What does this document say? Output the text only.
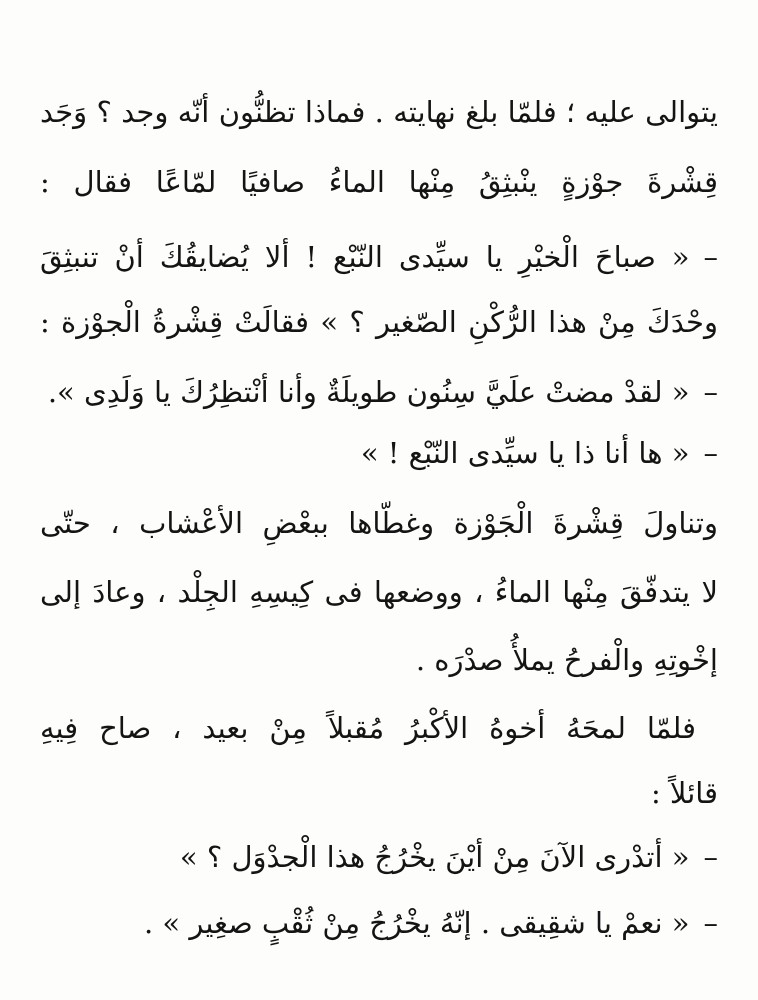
يتوالى عليه ؛ فلمّا بلغ نهايته . فماذا تظنُّون أنّه وجد ؟ وَجَد
قِشْرةَ جوْزةٍ ينْبثِقُ مِنْها الماءُ صافيًا لمّاعًا فقال :
–« صباحَ الْخيْرِ يا سيِّدى النّبْع ! ألا يُضايقُكَ أنْ تنبثِقَ
وحْدَكَ مِنْ هذا الرُّكْنِ الصّغير ؟ » فقالَتْ قِشْرةُ الْجوْزة :
–« لقدْ مضتْ علَيَّ سِنُون طويلَةٌ وأنا أنْتظِرُكَ يا وَلَدِى ».
–« ها أنا ذا يا سيِّدى النّبْع ! »
وتناولَ قِشْرةَ الْجَوْزة وغطّاها ببعْضِ الأعْشاب ، حتّى
لا يتدفّقَ مِنْها الماءُ ، ووضعها فى كِيسِهِ الجِلْد ، وعادَ إلى
إخْوتِهِ والْفرحُ يملأُ صدْرَه .
فلمّا لمحَهُ أخوهُ الأكْبرُ مُقبلاً مِنْ بعيد ، صاح فِيهِ
قائلاً :
–« أتدْرى الآنَ مِنْ أيْنَ يخْرُجُ هذا الْجدْوَل ؟ »
–« نعمْ يا شقِيقى . إنّهُ يخْرُجُ مِنْ ثُقْبٍ صغِير » .
